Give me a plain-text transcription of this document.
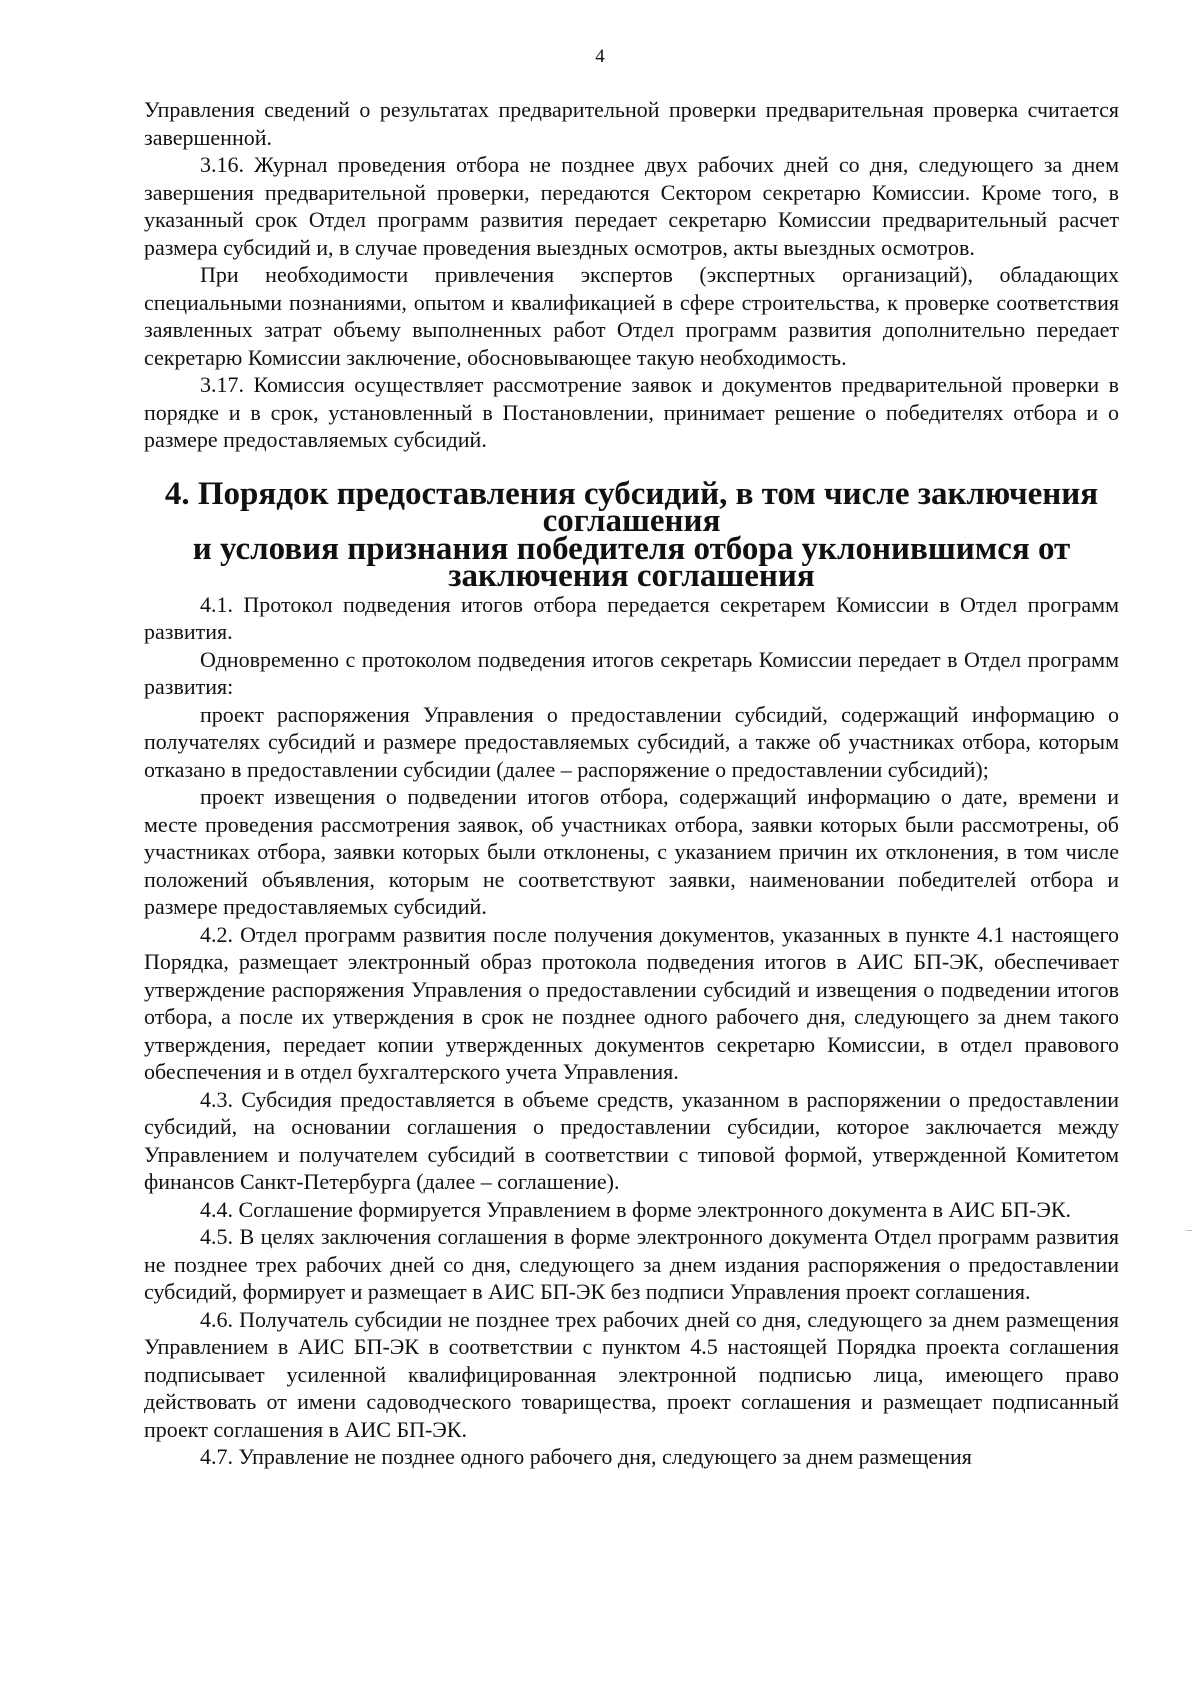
4

Управления сведений о результатах предварительной проверки предварительная проверка считается завершенной.

3.16. Журнал проведения отбора не позднее двух рабочих дней со дня, следующего за днем завершения предварительной проверки, передаются Сектором секретарю Комиссии. Кроме того, в указанный срок Отдел программ развития передает секретарю Комиссии предварительный расчет размера субсидий и, в случае проведения выездных осмотров, акты выездных осмотров.

При необходимости привлечения экспертов (экспертных организаций), обладающих специальными познаниями, опытом и квалификацией в сфере строительства, к проверке соответствия заявленных затрат объему выполненных работ Отдел программ развития дополнительно передает секретарю Комиссии заключение, обосновывающее такую необходимость.

3.17. Комиссия осуществляет рассмотрение заявок и документов предварительной проверки в порядке и в срок, установленный в Постановлении, принимает решение о победителях отбора и о размере предоставляемых субсидий.

4. Порядок предоставления субсидий, в том числе заключения соглашения
и условия признания победителя отбора уклонившимся от заключения соглашения

4.1. Протокол подведения итогов отбора передается секретарем Комиссии в Отдел программ развития.

Одновременно с протоколом подведения итогов секретарь Комиссии передает в Отдел программ развития:

проект распоряжения Управления о предоставлении субсидий, содержащий информацию о получателях субсидий и размере предоставляемых субсидий, а также об участниках отбора, которым отказано в предоставлении субсидии (далее – распоряжение о предоставлении субсидий);

проект извещения о подведении итогов отбора, содержащий информацию о дате, времени и месте проведения рассмотрения заявок, об участниках отбора, заявки которых были рассмотрены, об участниках отбора, заявки которых были отклонены, с указанием причин их отклонения, в том числе положений объявления, которым не соответствуют заявки, наименовании победителей отбора и размере предоставляемых субсидий.

4.2. Отдел программ развития после получения документов, указанных в пункте 4.1 настоящего Порядка, размещает электронный образ протокола подведения итогов в АИС БП-ЭК, обеспечивает утверждение распоряжения Управления о предоставлении субсидий и извещения о подведении итогов отбора, а после их утверждения в срок не позднее одного рабочего дня, следующего за днем такого утверждения, передает копии утвержденных документов секретарю Комиссии, в отдел правового обеспечения и в отдел бухгалтерского учета Управления.

4.3. Субсидия предоставляется в объеме средств, указанном в распоряжении о предоставлении субсидий, на основании соглашения о предоставлении субсидии, которое заключается между Управлением и получателем субсидий в соответствии с типовой формой, утвержденной Комитетом финансов Санкт-Петербурга (далее – соглашение).

4.4. Соглашение формируется Управлением в форме электронного документа в АИС БП-ЭК.

4.5. В целях заключения соглашения в форме электронного документа Отдел программ развития не позднее трех рабочих дней со дня, следующего за днем издания распоряжения о предоставлении субсидий, формирует и размещает в АИС БП-ЭК без подписи Управления проект соглашения.

4.6. Получатель субсидии не позднее трех рабочих дней со дня, следующего за днем размещения Управлением в АИС БП-ЭК в соответствии с пунктом 4.5 настоящей Порядка проекта соглашения подписывает усиленной квалифицированная электронной подписью лица, имеющего право действовать от имени садоводческого товарищества, проект соглашения и размещает подписанный проект соглашения в АИС БП-ЭК.

4.7. Управление не позднее одного рабочего дня, следующего за днем размещения
